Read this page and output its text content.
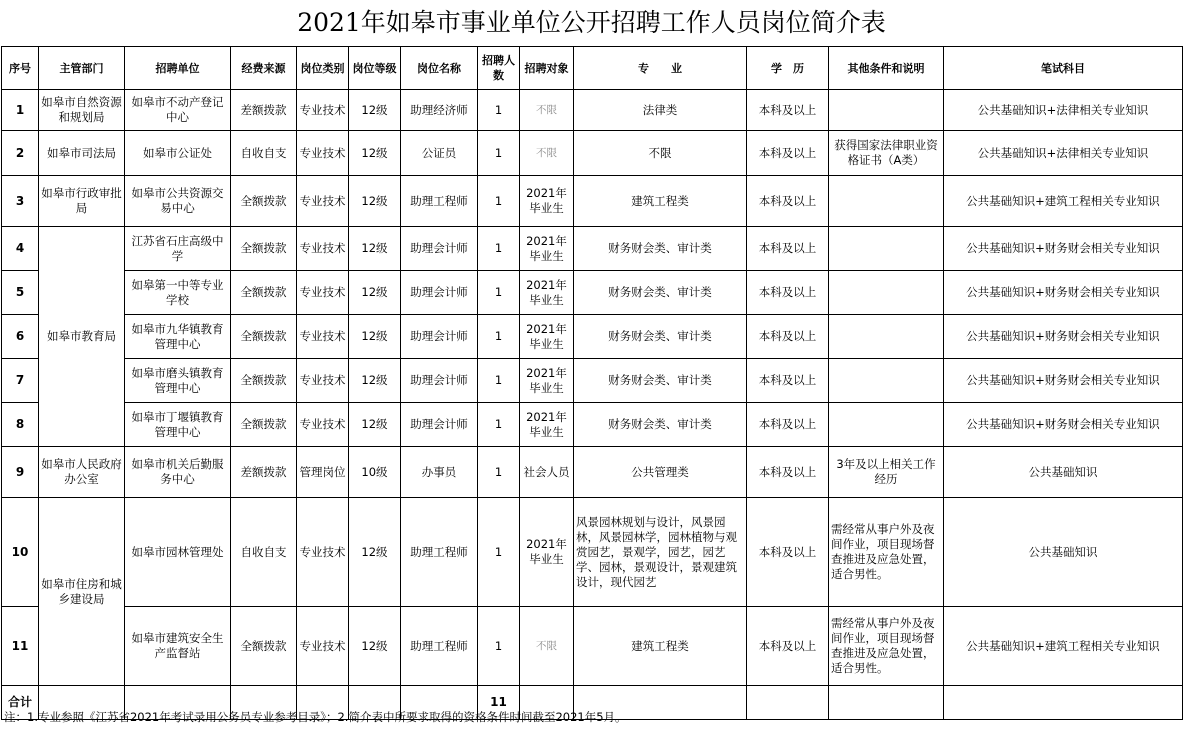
2021年如皋市事业单位公开招聘工作人员岗位简介表
序号	主管部门	招聘单位	经费来源	岗位类别	岗位等级	岗位名称	招聘人数	招聘对象	专　　业	学　历	其他条件和说明	笔试科目
1	如皋市自然资源和规划局	如皋市不动产登记中心	差额拨款	专业技术	12级	助理经济师	1	不限	法律类	本科及以上		公共基础知识+法律相关专业知识
2	如皋市司法局	如皋市公证处	自收自支	专业技术	12级	公证员	1	不限	不限	本科及以上	获得国家法律职业资格证书（A类）	公共基础知识+法律相关专业知识
3	如皋市行政审批局	如皋市公共资源交易中心	全额拨款	专业技术	12级	助理工程师	1	2021年毕业生	建筑工程类	本科及以上		公共基础知识+建筑工程相关专业知识
4	如皋市教育局	江苏省石庄高级中学	全额拨款	专业技术	12级	助理会计师	1	2021年毕业生	财务财会类、审计类	本科及以上		公共基础知识+财务财会相关专业知识
5		如皋第一中等专业学校	全额拨款	专业技术	12级	助理会计师	1	2021年毕业生	财务财会类、审计类	本科及以上		公共基础知识+财务财会相关专业知识
6		如皋市九华镇教育管理中心	全额拨款	专业技术	12级	助理会计师	1	2021年毕业生	财务财会类、审计类	本科及以上		公共基础知识+财务财会相关专业知识
7		如皋市磨头镇教育管理中心	全额拨款	专业技术	12级	助理会计师	1	2021年毕业生	财务财会类、审计类	本科及以上		公共基础知识+财务财会相关专业知识
8		如皋市丁堰镇教育管理中心	全额拨款	专业技术	12级	助理会计师	1	2021年毕业生	财务财会类、审计类	本科及以上		公共基础知识+财务财会相关专业知识
9	如皋市人民政府办公室	如皋市机关后勤服务中心	差额拨款	管理岗位	10级	办事员	1	社会人员	公共管理类	本科及以上	3年及以上相关工作经历	公共基础知识
10	如皋市住房和城乡建设局	如皋市园林管理处	自收自支	专业技术	12级	助理工程师	1	2021年毕业生	风景园林规划与设计，风景园林，风景园林学，园林植物与观赏园艺，景观学，园艺，园艺学、园林，景观设计，景观建筑设计，现代园艺	本科及以上	需经常从事户外及夜间作业，项目现场督查推进及应急处置，适合男性。	公共基础知识
11		如皋市建筑安全生产监督站	全额拨款	专业技术	12级	助理工程师	1	不限	建筑工程类	本科及以上	需经常从事户外及夜间作业，项目现场督查推进及应急处置，适合男性。	公共基础知识+建筑工程相关专业知识
合计							11					
注：1.专业参照《江苏省2021年考试录用公务员专业参考目录》；2.简介表中所要求取得的资格条件时间截至2021年5月。
